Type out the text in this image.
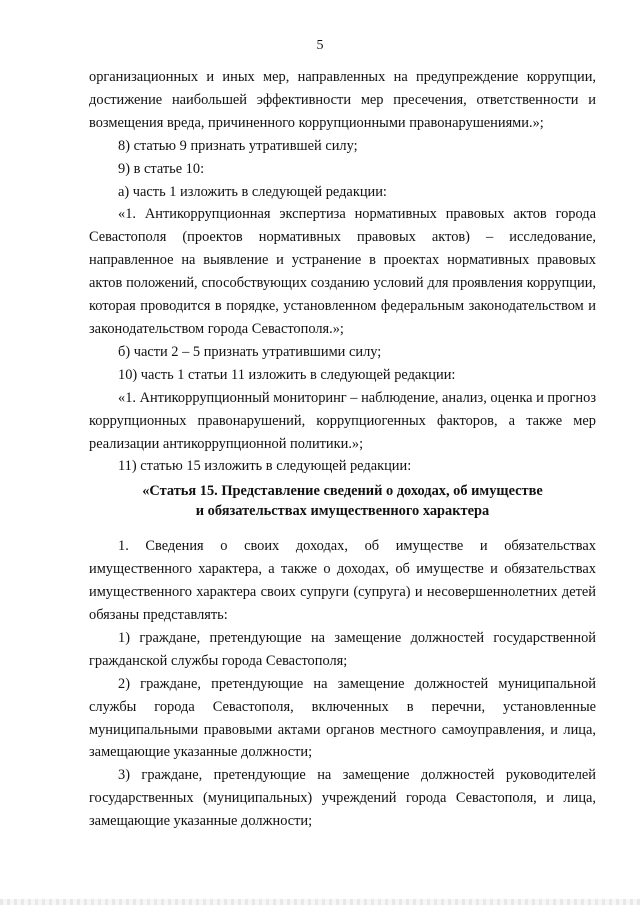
5

организационных и иных мер, направленных на предупреждение коррупции, достижение наибольшей эффективности мер пресечения, ответственности и возмещения вреда, причиненного коррупционными правонарушениями.»;

8) статью 9 признать утратившей силу;

9) в статье 10:

а) часть 1 изложить в следующей редакции:

«1. Антикоррупционная экспертиза нормативных правовых актов города Севастополя (проектов нормативных правовых актов) – исследование, направленное на выявление и устранение в проектах нормативных правовых актов положений, способствующих созданию условий для проявления коррупции, которая проводится в порядке, установленном федеральным законодательством и законодательством города Севастополя.»;

б) части 2 – 5 признать утратившими силу;

10) часть 1 статьи 11 изложить в следующей редакции:

«1. Антикоррупционный мониторинг – наблюдение, анализ, оценка и прогноз коррупционных правонарушений, коррупциогенных факторов, а также мер реализации антикоррупционной политики.»;

11) статью 15 изложить в следующей редакции:

«Статья 15. Представление сведений о доходах, об имуществе
и обязательствах имущественного характера

1. Сведения о своих доходах, об имуществе и обязательствах имущественного характера, а также о доходах, об имуществе и обязательствах имущественного характера своих супруги (супруга) и несовершеннолетних детей обязаны представлять:

1) граждане, претендующие на замещение должностей государственной гражданской службы города Севастополя;

2) граждане, претендующие на замещение должностей муниципальной службы города Севастополя, включенных в перечни, установленные муниципальными правовыми актами органов местного самоуправления, и лица, замещающие указанные должности;

3) граждане, претендующие на замещение должностей руководителей государственных (муниципальных) учреждений города Севастополя, и лица, замещающие указанные должности;
